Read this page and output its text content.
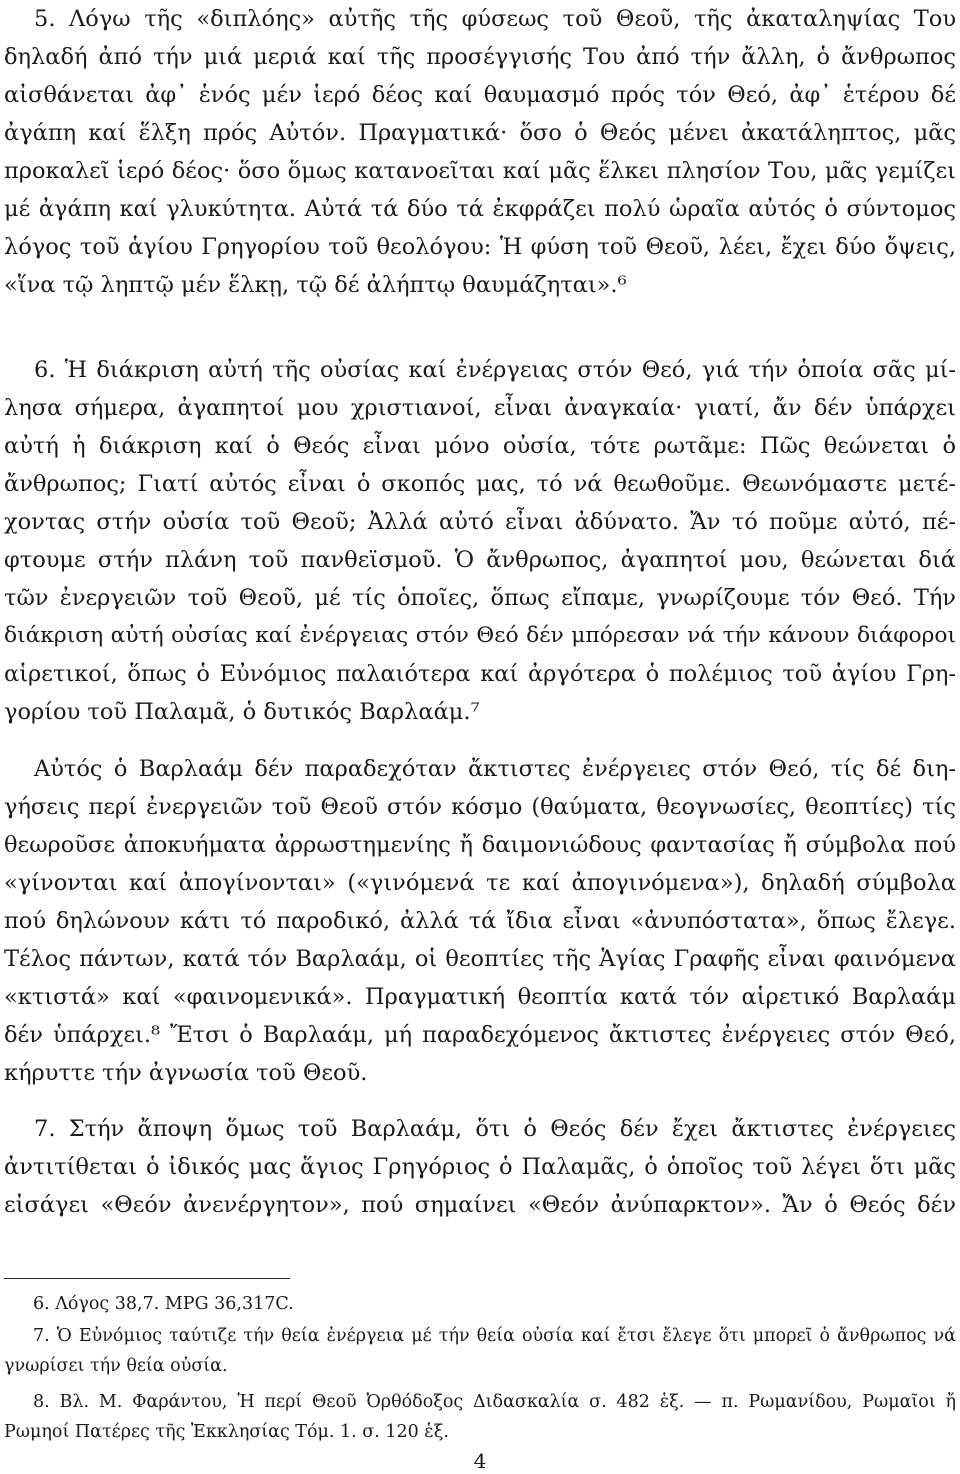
5. Λόγω τῆς «διπλόης» αὐτῆς τῆς φύσεως τοῦ Θεοῦ, τῆς ἀκαταληψίας Του
δηλαδή ἀπό τήν μιά μεριά καί τῆς προσέγγισής Του ἀπό τήν ἄλλη, ὁ ἄνθρωπος
αἰσθάνεται ἀφ᾽ ἑνός μέν ἱερό δέος καί θαυμασμό πρός τόν Θεό, ἀφ᾽ ἑτέρου δέ
ἀγάπη καί ἕλξη πρός Αὐτόν. Πραγματικά· ὅσο ὁ Θεός μένει ἀκατάληπτος, μᾶς
προκαλεῖ ἱερό δέος· ὅσο ὅμως κατανοεῖται καί μᾶς ἕλκει πλησίον Του, μᾶς γεμίζει
μέ ἀγάπη καί γλυκύτητα. Αὐτά τά δύο τά ἐκφράζει πολύ ὡραῖα αὐτός ὁ σύντομος
λόγος τοῦ ἁγίου Γρηγορίου τοῦ θεολόγου: Ἡ φύση τοῦ Θεοῦ, λέει, ἔχει δύο ὄψεις,
«ἵνα τῷ ληπτῷ μέν ἕλκῃ, τῷ δέ ἀλήπτῳ θαυμάζηται».⁶
6. Ἡ διάκριση αὐτή τῆς οὐσίας καί ἐνέργειας στόν Θεό, γιά τήν ὁποία σᾶς μί-
λησα σήμερα, ἀγαπητοί μου χριστιανοί, εἶναι ἀναγκαία· γιατί, ἄν δέν ὑπάρχει
αὐτή ἡ διάκριση καί ὁ Θεός εἶναι μόνο οὐσία, τότε ρωτᾶμε: Πῶς θεώνεται ὁ
ἄνθρωπος; Γιατί αὐτός εἶναι ὁ σκοπός μας, τό νά θεωθοῦμε. Θεωνόμαστε μετέ-
χοντας στήν οὐσία τοῦ Θεοῦ; Ἀλλά αὐτό εἶναι ἀδύνατο. Ἄν τό ποῦμε αὐτό, πέ-
φτουμε στήν πλάνη τοῦ πανθεϊσμοῦ. Ὁ ἄνθρωπος, ἀγαπητοί μου, θεώνεται διά
τῶν ἐνεργειῶν τοῦ Θεοῦ, μέ τίς ὁποῖες, ὅπως εἴπαμε, γνωρίζουμε τόν Θεό. Τήν
διάκριση αὐτή οὐσίας καί ἐνέργειας στόν Θεό δέν μπόρεσαν νά τήν κάνουν διάφοροι
αἱρετικοί, ὅπως ὁ Εὐνόμιος παλαιότερα καί ἀργότερα ὁ πολέμιος τοῦ ἁγίου Γρη-
γορίου τοῦ Παλαμᾶ, ὁ δυτικός Βαρλαάμ.⁷
Αὐτός ὁ Βαρλαάμ δέν παραδεχόταν ἄκτιστες ἐνέργειες στόν Θεό, τίς δέ διη-
γήσεις περί ἐνεργειῶν τοῦ Θεοῦ στόν κόσμο (θαύματα, θεογνωσίες, θεοπτίες) τίς
θεωροῦσε ἀποκυήματα ἀρρωστημενίης ἤ δαιμονιώδους φαντασίας ἤ σύμβολα πού
«γίνονται καί ἀπογίνονται» («γινόμενά τε καί ἀπογινόμενα»), δηλαδή σύμβολα
πού δηλώνουν κάτι τό παροδικό, ἀλλά τά ἴδια εἶναι «ἀνυπόστατα», ὅπως ἔλεγε.
Τέλος πάντων, κατά τόν Βαρλαάμ, οἱ θεοπτίες τῆς Ἁγίας Γραφῆς εἶναι φαινόμενα
«κτιστά» καί «φαινομενικά». Πραγματική θεοπτία κατά τόν αἱρετικό Βαρλαάμ
δέν ὑπάρχει.⁸ Ἔτσι ὁ Βαρλαάμ, μή παραδεχόμενος ἄκτιστες ἐνέργειες στόν Θεό,
κήρυττε τήν ἀγνωσία τοῦ Θεοῦ.
7. Στήν ἄποψη ὅμως τοῦ Βαρλαάμ, ὅτι ὁ Θεός δέν ἔχει ἄκτιστες ἐνέργειες
ἀντιτίθεται ὁ ἰδικός μας ἅγιος Γρηγόριος ὁ Παλαμᾶς, ὁ ὁποῖος τοῦ λέγει ὅτι μᾶς
εἰσάγει «Θεόν ἀνενέργητον», πού σημαίνει «Θεόν ἀνύπαρκτον». Ἄν ὁ Θεός δέν
6. Λόγος 38,7. MPG 36,317C.
7. Ὁ Εὐνόμιος ταύτιζε τήν θεία ἐνέργεια μέ τήν θεία οὐσία καί ἔτσι ἔλεγε ὅτι μπορεῖ ὁ ἄνθρωπος νά
γνωρίσει τήν θεία οὐσία.
8. Βλ. Μ. Φαράντου, Ἡ περί Θεοῦ Ὀρθόδοξος Διδασκαλία σ. 482 ἑξ. — π. Ρωμανίδου, Ρωμαῖοι ἤ
Ρωμηοί Πατέρες τῆς Ἐκκλησίας Τόμ. 1. σ. 120 ἑξ.
4
